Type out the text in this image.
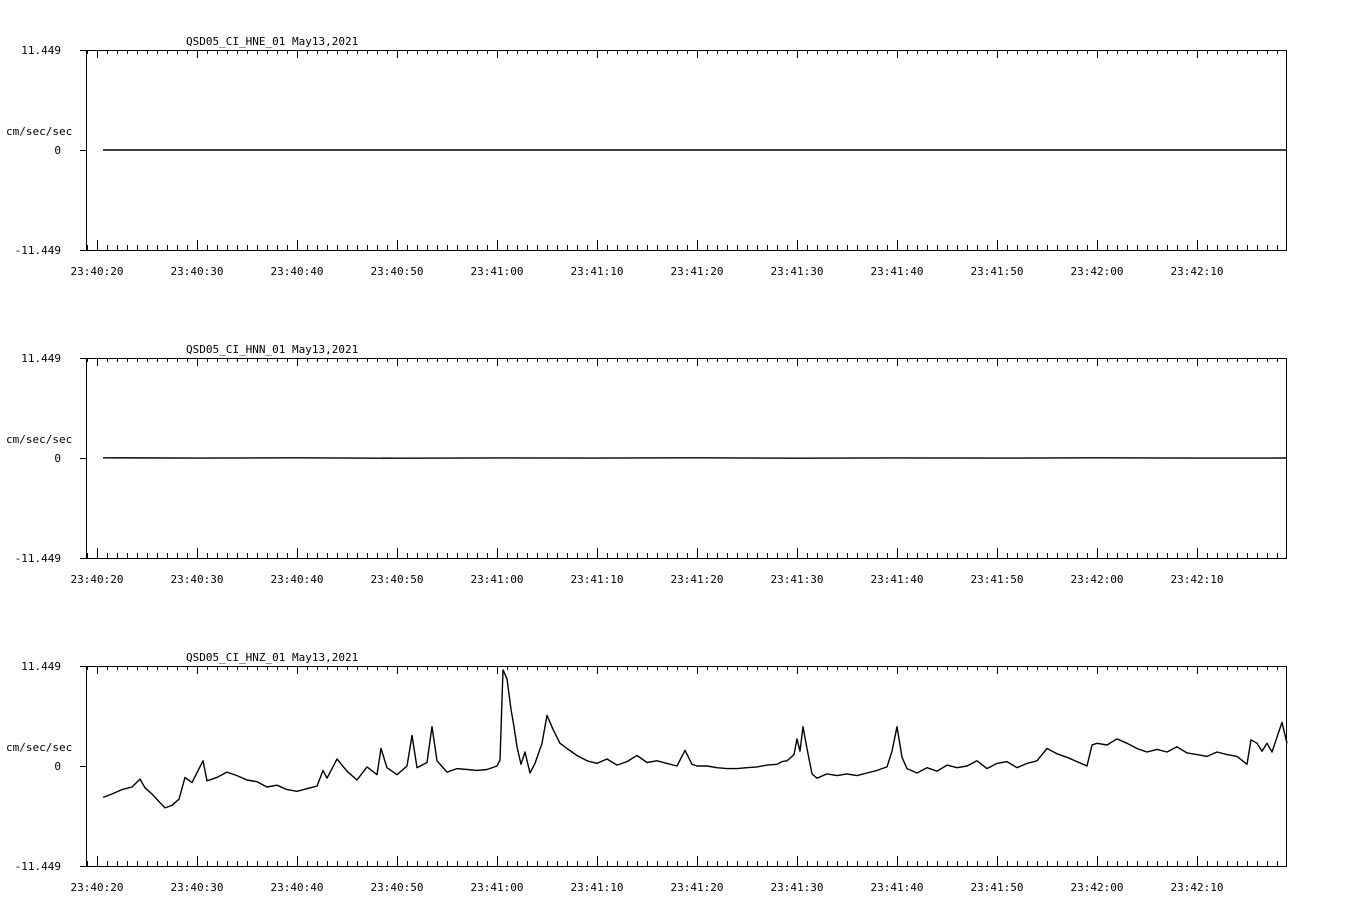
QSD05_CI_HNE_01 May13,2021
11.449
0
-11.449
cm/sec/sec
23:40:20	23:40:30	23:40:40	23:40:50	23:41:00	23:41:10	23:41:20	23:41:30	23:41:40	23:41:50	23:42:00	23:42:10
QSD05_CI_HNN_01 May13,2021
11.449
0
-11.449
cm/sec/sec
23:40:20	23:40:30	23:40:40	23:40:50	23:41:00	23:41:10	23:41:20	23:41:30	23:41:40	23:41:50	23:42:00	23:42:10
QSD05_CI_HNZ_01 May13,2021
11.449
0
-11.449
cm/sec/sec
23:40:20	23:40:30	23:40:40	23:40:50	23:41:00	23:41:10	23:41:20	23:41:30	23:41:40	23:41:50	23:42:00	23:42:10
